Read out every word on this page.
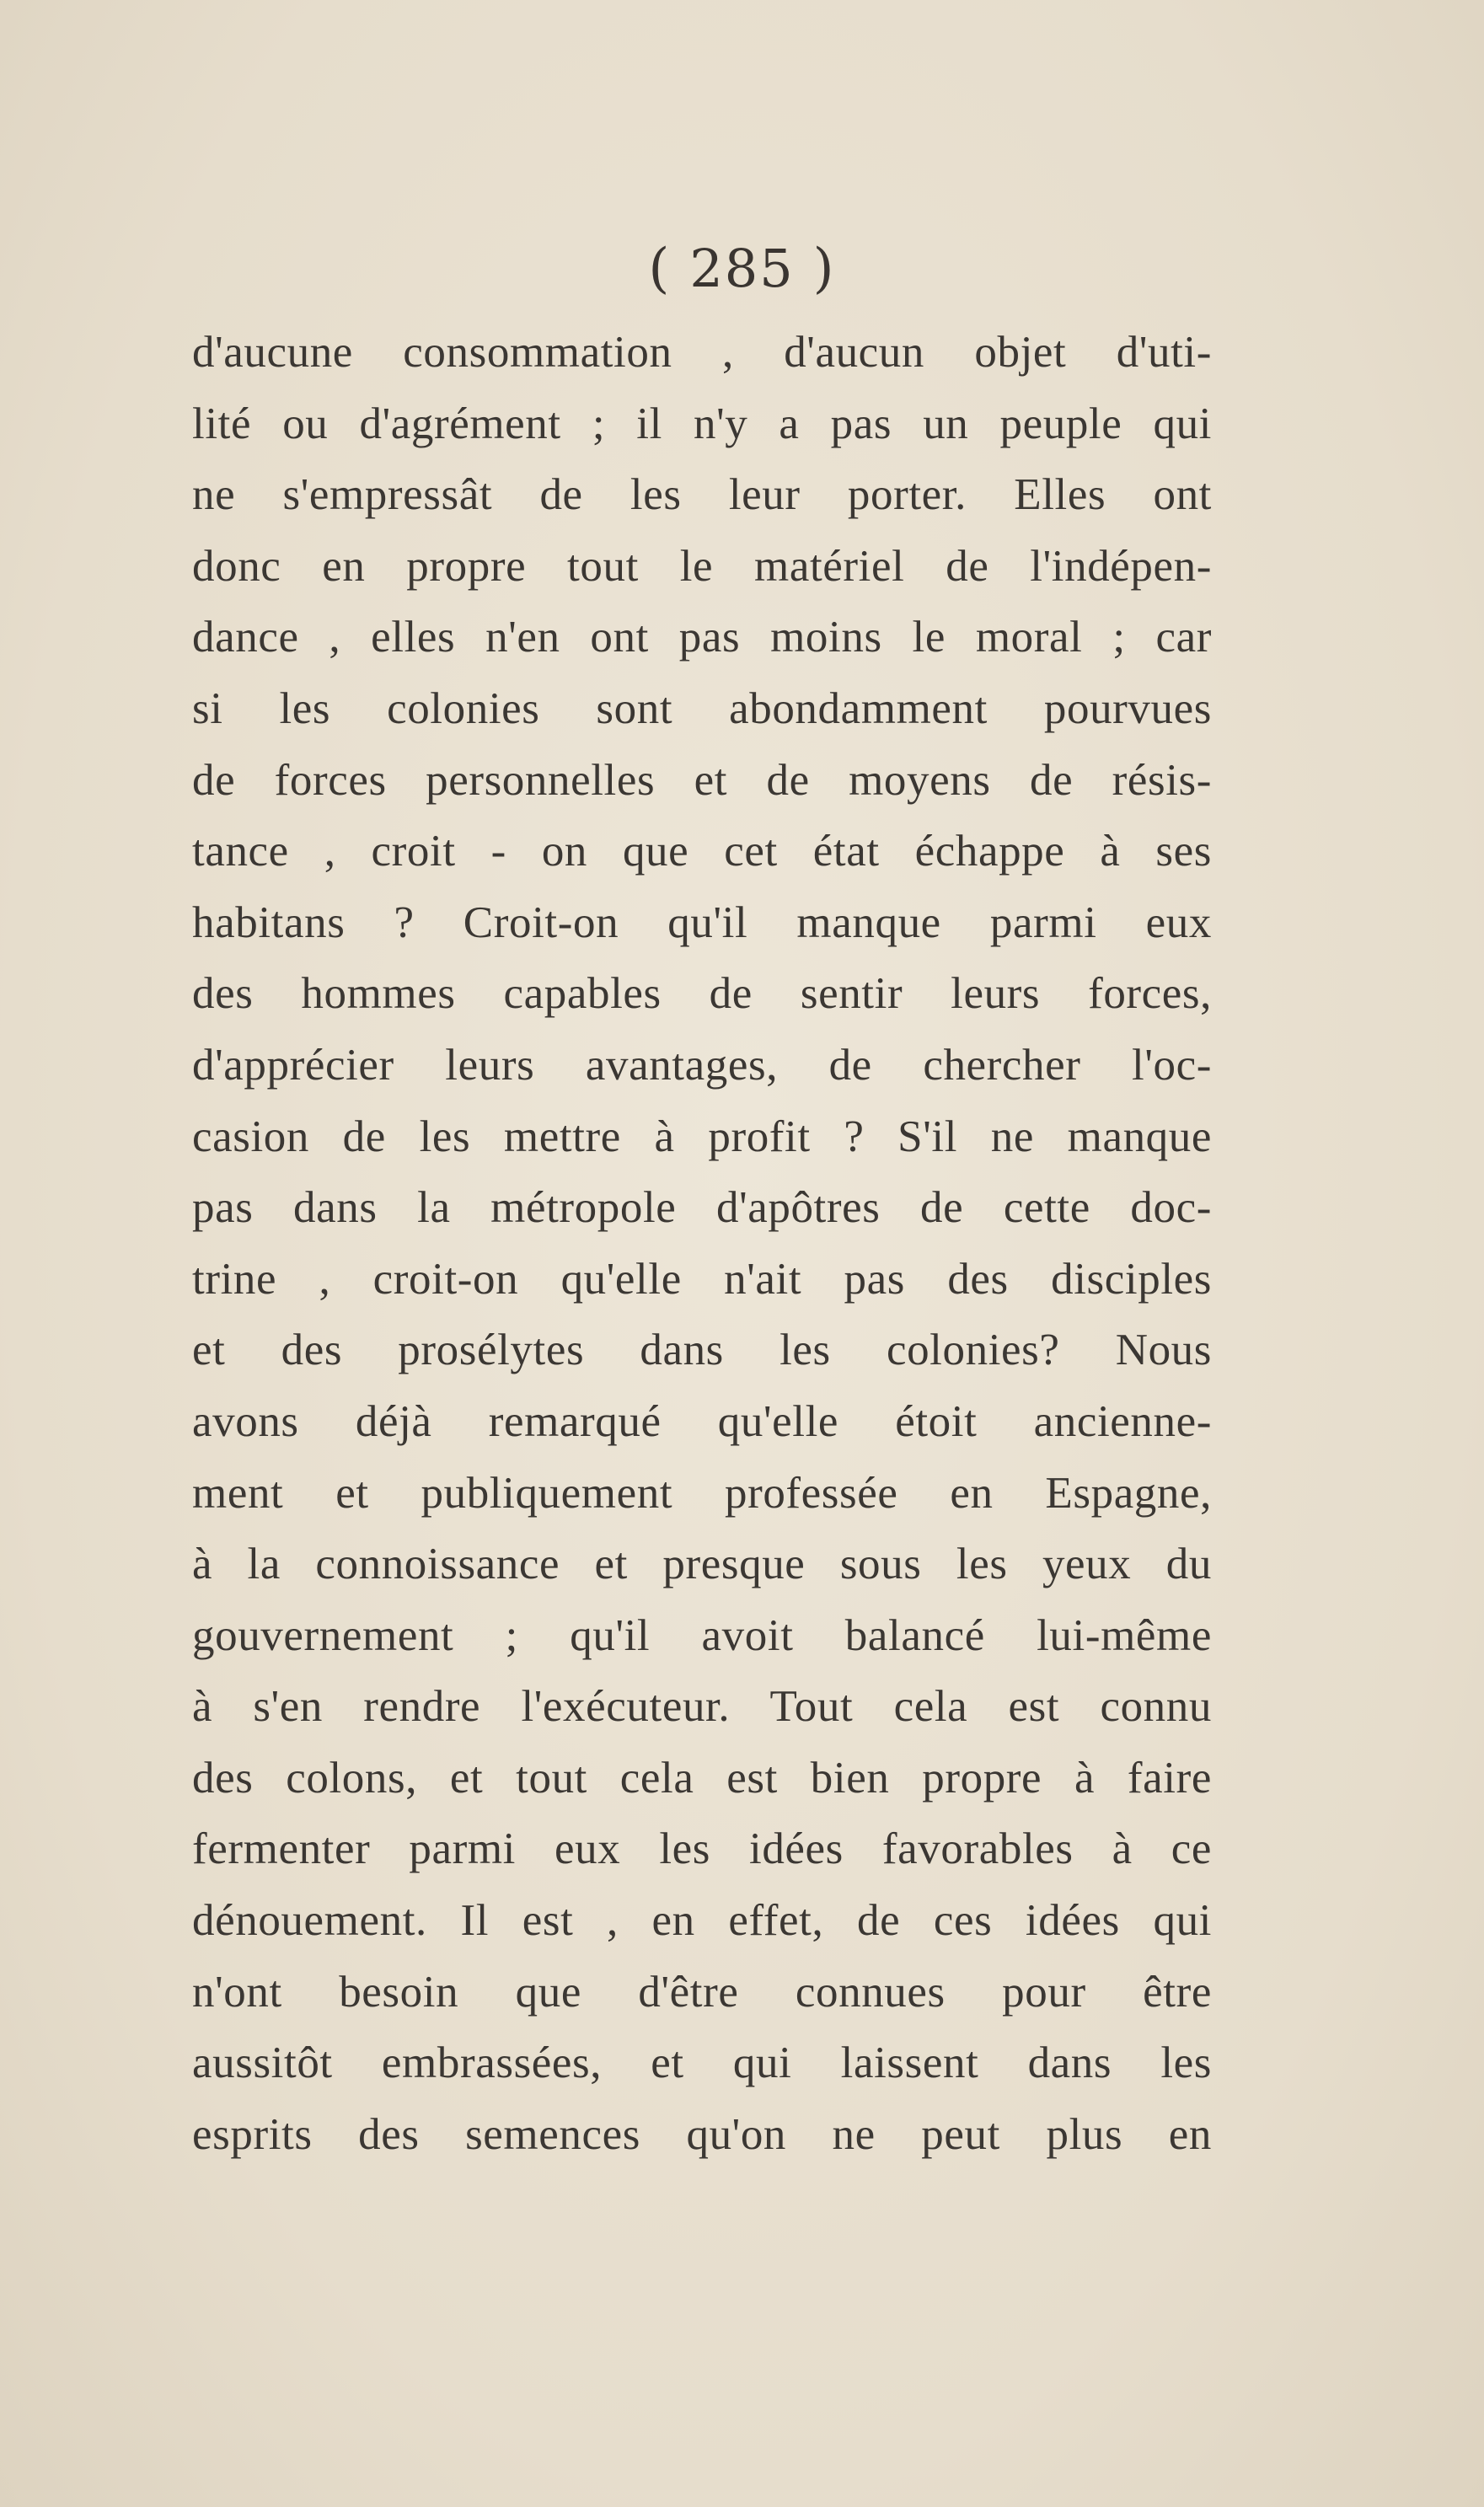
( 285 )
d'aucune consommation , d'aucun objet d'uti-
lité ou d'agrément ; il n'y a pas un peuple qui
ne s'empressât de les leur porter. Elles ont
donc en propre tout le matériel de l'indépen-
dance , elles n'en ont pas moins le moral ; car
si les colonies sont abondamment pourvues
de forces personnelles et de moyens de résis-
tance , croit - on que cet état échappe à ses
habitans ? Croit-on qu'il manque parmi eux
des hommes capables de sentir leurs forces,
d'apprécier leurs avantages, de chercher l'oc-
casion de les mettre à profit ? S'il ne manque
pas dans la métropole d'apôtres de cette doc-
trine , croit-on qu'elle n'ait pas des disciples
et des prosélytes dans les colonies? Nous
avons déjà remarqué qu'elle étoit ancienne-
ment et publiquement professée en Espagne,
à la connoissance et presque sous les yeux du
gouvernement ; qu'il avoit balancé lui-même
à s'en rendre l'exécuteur. Tout cela est connu
des colons, et tout cela est bien propre à faire
fermenter parmi eux les idées favorables à ce
dénouement. Il est , en effet, de ces idées qui
n'ont besoin que d'être connues pour être
aussitôt embrassées, et qui laissent dans les
esprits des semences qu'on ne peut plus en
